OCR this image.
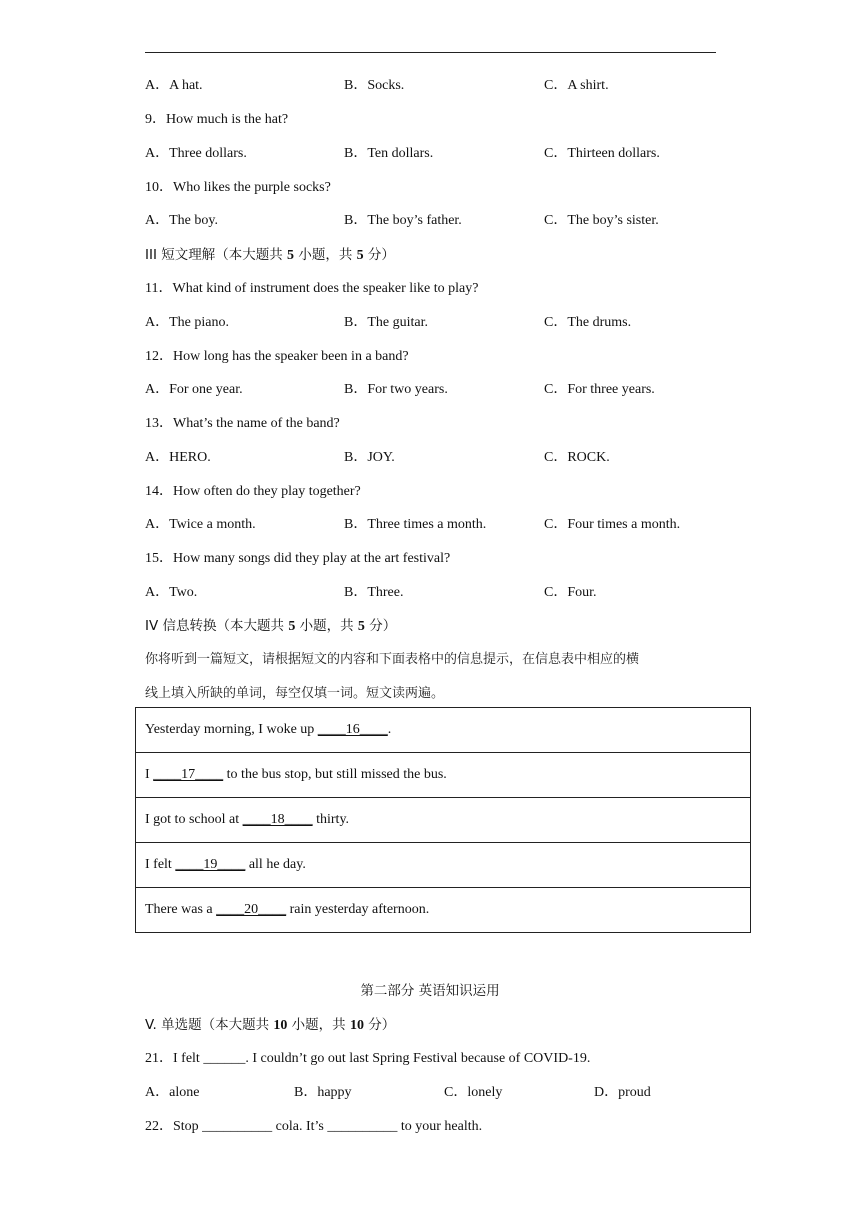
A．A hat.	B．Socks.	C．A shirt.
9．How much is the hat?
A．Three dollars.	B．Ten dollars.	C．Thirteen dollars.
10．Who likes the purple socks?
A．The boy.	B．The boy’s father.	C．The boy’s sister.
III 短文理解（本大题共 5 小题，共 5 分）
11．What kind of instrument does the speaker like to play?
A．The piano.	B．The guitar.	C．The drums.
12．How long has the speaker been in a band?
A．For one year.	B．For two years.	C．For three years.
13．What’s the name of the band?
A．HERO.	B．JOY.	C．ROCK.
14．How often do they play together?
A．Twice a month.	B．Three times a month.	C．Four times a month.
15．How many songs did they play at the art festival?
A．Two.	B．Three.	C．Four.
IV 信息转换（本大题共 5 小题，共 5 分）
你将听到一篇短文，请根据短文的内容和下面表格中的信息提示，在信息表中相应的横
线上填入所缺的单词，每空仅填一词。短文读两遍。
Yesterday morning, I woke up ____16____.
I ____17____ to the bus stop, but still missed the bus.
I got to school at ____18____ thirty.
I felt ____19____ all he day.
There was a ____20____ rain yesterday afternoon.
第二部分 英语知识运用
V. 单选题（本大题共 10 小题，共 10 分）
21．I felt ______. I couldn’t go out last Spring Festival because of COVID-19.
A．alone	B．happy	C．lonely	D．proud
22．Stop __________ cola. It’s __________ to your health.
